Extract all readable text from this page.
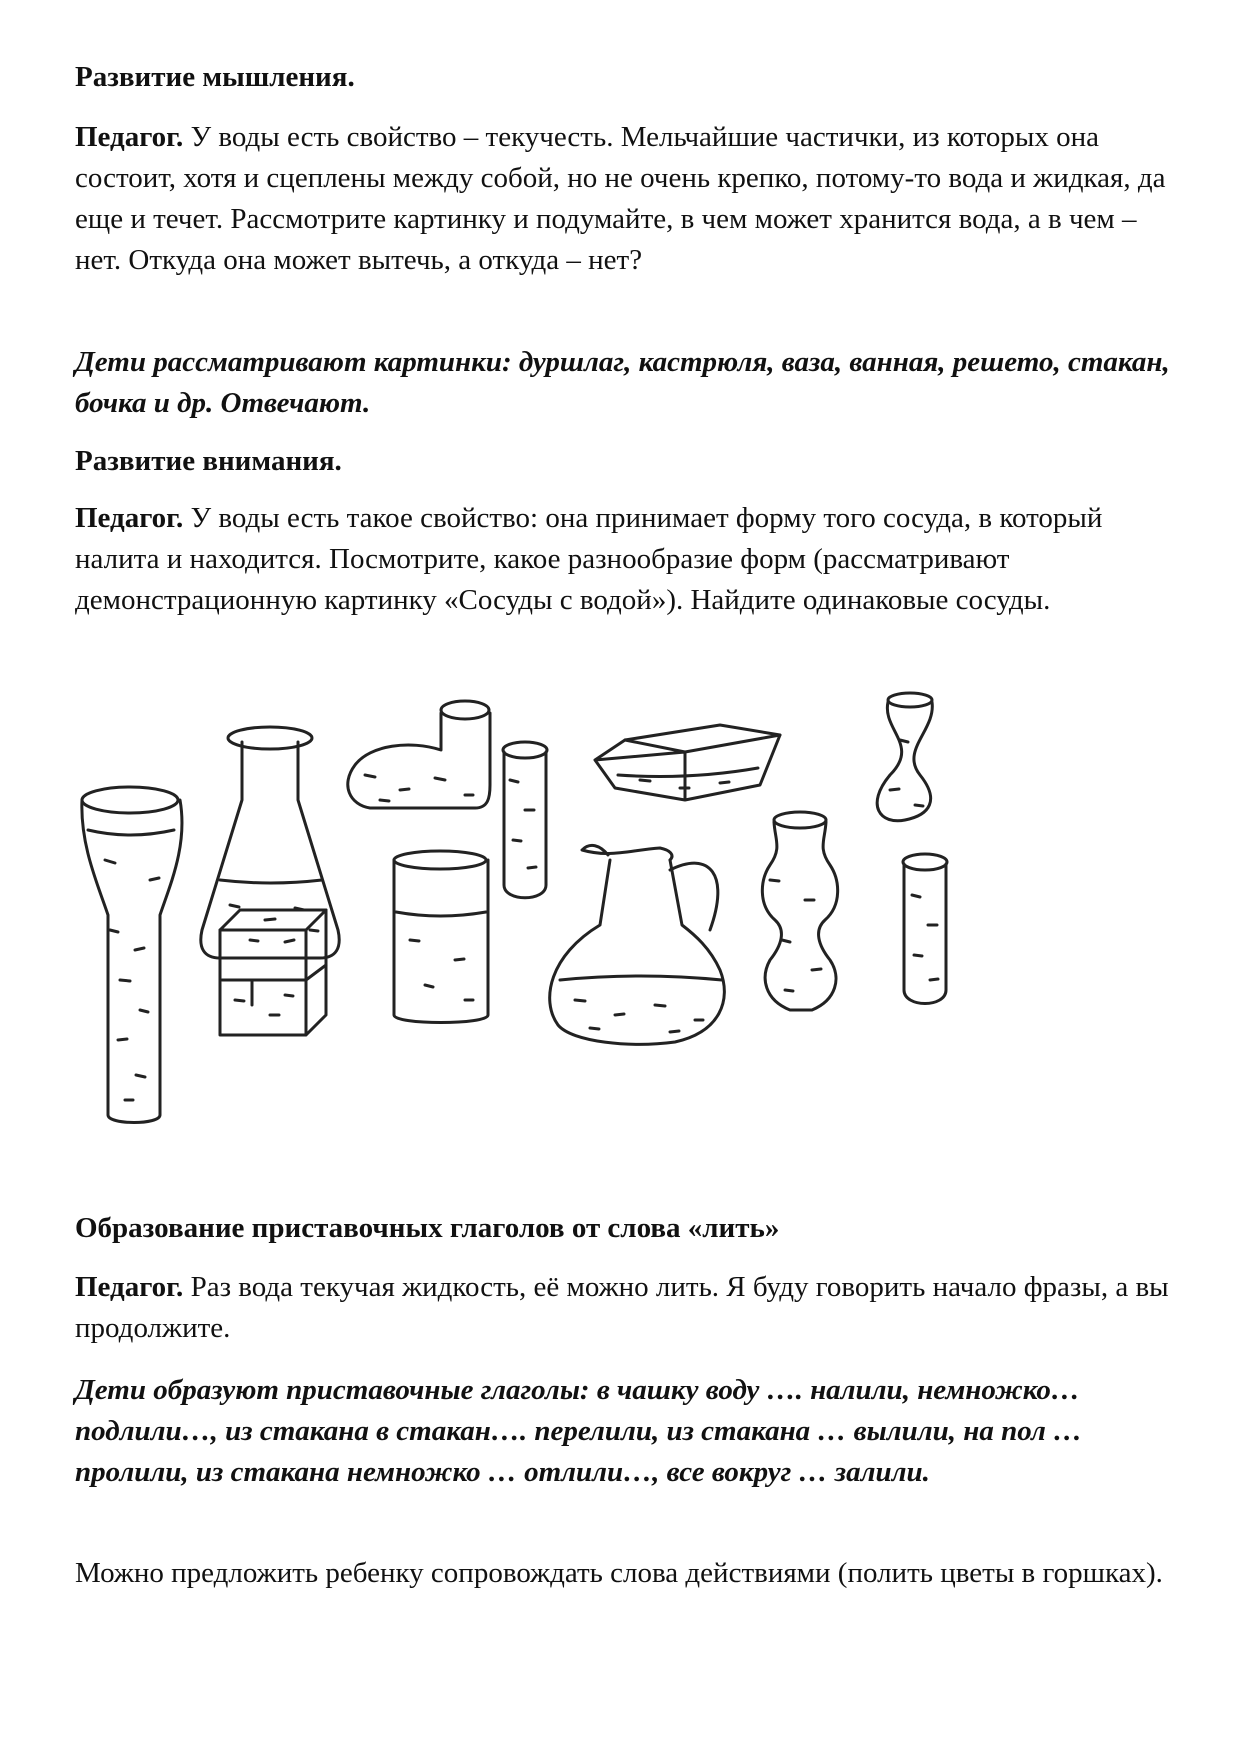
Развитие мышления.
Педагог. У воды есть свойство – текучесть. Мельчайшие частички, из которых она состоит, хотя и сцеплены между собой, но не очень крепко, потому-то вода и жидкая, да еще и течет. Рассмотрите картинку и подумайте, в чем может хранится вода, а в чем – нет. Откуда она может вытечь, а откуда – нет?
Дети рассматривают картинки: дуршлаг, кастрюля, ваза, ванная, решето, стакан, бочка и др. Отвечают.
Развитие внимания.
Педагог. У воды есть такое свойство: она принимает форму того сосуда, в который налита и находится. Посмотрите, какое разнообразие форм (рассматривают демонстрационную картинку «Сосуды с водой»). Найдите одинаковые сосуды.
Образование приставочных глаголов от слова «лить»
Педагог. Раз вода текучая жидкость, её можно лить. Я буду говорить начало фразы, а вы продолжите.
Дети образуют приставочные глаголы: в чашку воду …. налили, немножко… подлили…, из стакана в стакан…. перелили, из стакана … вылили, на пол … пролили, из стакана немножко … отлили…, все вокруг … залили.
Можно предложить ребенку сопровождать слова действиями (полить цветы в горшках).
